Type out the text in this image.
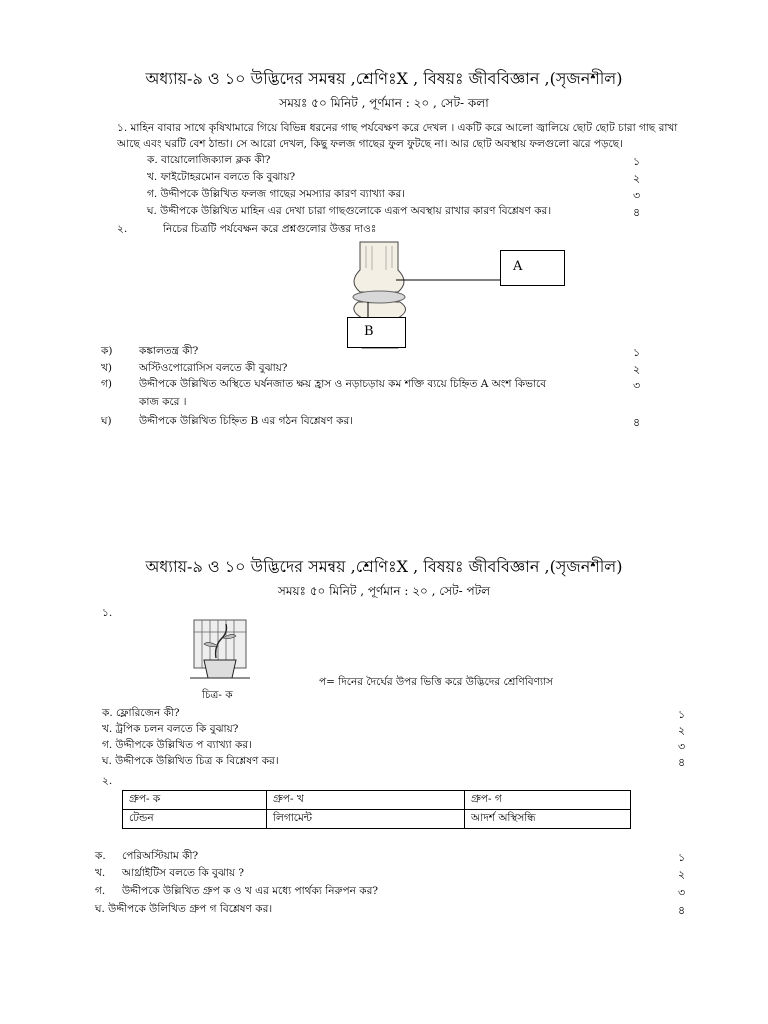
অধ্যায়-৯ ও ১০ উদ্ভিদের সমন্বয় ,শ্রেণিঃX , বিষয়ঃ জীববিজ্ঞান ,(সৃজনশীল)
সময়ঃ ৫০ মিনিট , পূর্ণমান : ২০ , সেট- কলা
১. মাহিন বাবার সাথে কৃষিখামারে গিয়ে বিভিন্ন ধরনের গাছ পর্যবেক্ষণ করে দেখল । একটি করে আলো জ্বালিয়ে ছোট ছোট চারা গাছ রাখা
আছে এবং ঘরটি বেশ ঠান্ডা। সে আরো দেখল, কিছু ফলজ গাছের ফুল ফুটছে না। আর ছোট অবস্থায় ফলগুলো ঝরে পড়ছে।
ক. বায়োলোজিক্যাল ক্লক কী?	১
খ. ফাইটোহরমোন বলতে কি বুঝায়?	২
গ. উদ্দীপকে উল্লিখিত ফলজ গাছের সমস্যার কারণ ব্যাখ্যা কর।	৩
ঘ. উদ্দীপকে উল্লিখিত মাহিন এর দেখা চারা গাছগুলোকে এরূপ অবস্থায় রাখার কারণ বিশ্লেষণ কর।	৪
২.	নিচের চিত্রটি পর্যবেক্ষন করে প্রশ্নগুলোর উত্তর দাওঃ
A
B
ক)	কঙ্কালতন্ত্র কী?	১
খ)	অস্টিওপোরোসিস বলতে কী বুঝায়?	২
গ)	উদ্দীপকে উল্লিখিত অস্থিতে ঘর্ষনজাত ক্ষয় হ্রাস ও নড়াচড়ায় কম শক্তি ব্যয়ে চিহ্নিত A অংশ কিভাবে	৩
কাজ করে ।
ঘ)	উদ্দীপকে উল্লিখিত চিহ্নিত B এর গঠন বিশ্লেষণ কর।	৪
অধ্যায়-৯ ও ১০ উদ্ভিদের সমন্বয় ,শ্রেণিঃX , বিষয়ঃ জীববিজ্ঞান ,(সৃজনশীল)
সময়ঃ ৫০ মিনিট , পূর্ণমান : ২০ , সেট- পটল
১.
চিত্র- ক
প= দিনের দৈর্ঘের উপর ভিত্তি করে উদ্ভিদের শ্রেণিবিণ্যাস
ক. ফ্লোরিজেন কী?	১
খ. ট্রপিক চলন বলতে কি বুঝায়?	২
গ. উদ্দীপকে উল্লিখিত প ব্যাখ্যা কর।	৩
ঘ. উদ্দীপকে উল্লিখিত চিত্র ক বিশ্লেষণ কর।	৪
২.
গ্রুপ- ক	গ্রুপ- খ	গ্রুপ- গ
টেন্ডন	লিগামেন্ট	আদর্শ অস্থিসন্ধি
ক. পেরিঅস্টিয়াম কী?	১
খ. আর্থ্রাইটিস বলতে কি বুঝায় ?	২
গ. উদ্দীপকে উল্লিখিত গ্রুপ ক ও খ এর মধ্যে পার্থক্য নিরুপন কর?	৩
ঘ. উদ্দীপকে উলিখিত গ্রুপ গ বিশ্লেষণ কর।	৪
